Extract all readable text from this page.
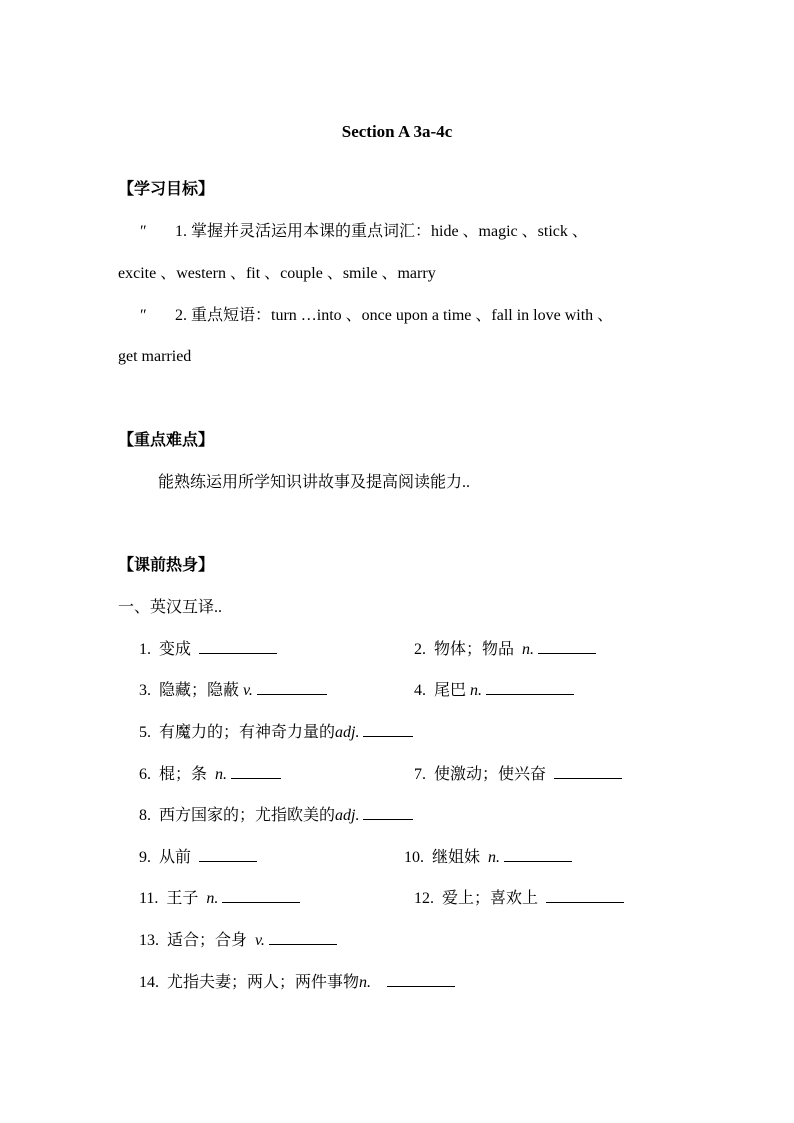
Section A 3a-4c
【学习目标】
″ 1. 掌握并灵活运用本课的重点词汇：hide 、magic 、stick 、
excite 、western 、fit 、couple 、smile 、marry
″ 2. 重点短语：turn …into 、once upon a time 、fall in love with 、
get married
【重点难点】
能熟练运用所学知识讲故事及提高阅读能力..
【课前热身】
一、英汉互译..
1. 变成	2. 物体；物品 n.
3. 隐藏；隐蔽 v.	4. 尾巴 n.
5. 有魔力的；有神奇力量的adj.
6. 棍；条 n.	7. 使激动；使兴奋
8. 西方国家的；尤指欧美的adj.
9. 从前	10. 继姐妹 n.
11. 王子 n.	12. 爱上；喜欢上
13. 适合；合身 v.
14. 尤指夫妻；两人；两件事物n.
